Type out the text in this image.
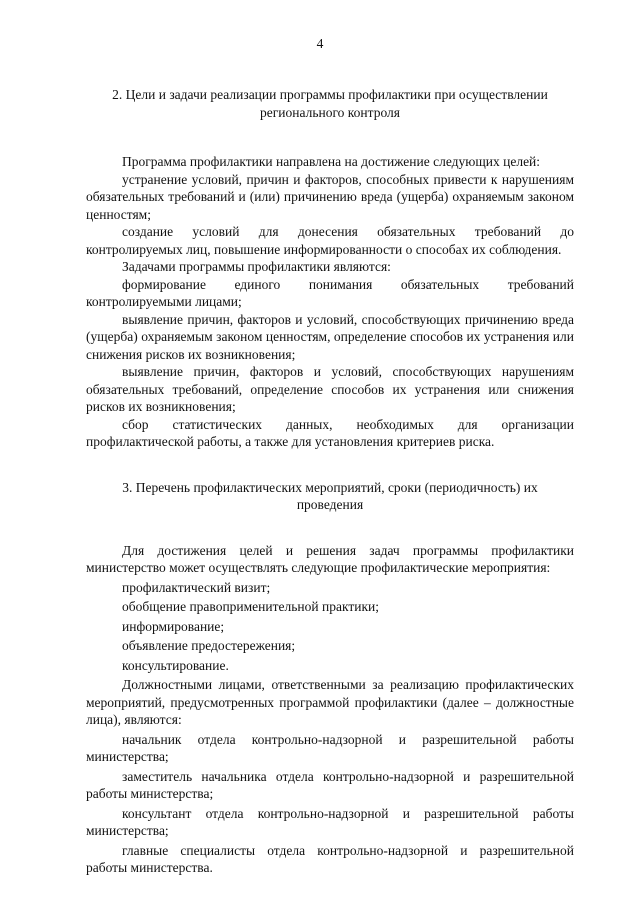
4
2. Цели и задачи реализации программы профилактики при осуществлении
регионального контроля

Программа профилактики направлена на достижение следующих целей:

устранение условий, причин и факторов, способных привести к нарушениям обязательных требований и (или) причинению вреда (ущерба) охраняемым законом ценностям;

создание условий для донесения обязательных требований до контролируемых лиц, повышение информированности о способах их соблюдения.

Задачами программы профилактики являются:

формирование единого понимания обязательных требований контролируемыми лицами;

выявление причин, факторов и условий, способствующих причинению вреда (ущерба) охраняемым законом ценностям, определение способов их устранения или снижения рисков их возникновения;

выявление причин, факторов и условий, способствующих нарушениям обязательных требований, определение способов их устранения или снижения рисков их возникновения;

сбор статистических данных, необходимых для организации профилактической работы, а также для установления критериев риска.

3. Перечень профилактических мероприятий, сроки (периодичность) их
проведения

Для достижения целей и решения задач программы профилактики министерство может осуществлять следующие профилактические мероприятия:

профилактический визит;

обобщение правоприменительной практики;

информирование;

объявление предостережения;

консультирование.

Должностными лицами, ответственными за реализацию профилактических мероприятий, предусмотренных программой профилактики (далее – должностные лица), являются:

начальник отдела контрольно-надзорной и разрешительной работы министерства;

заместитель начальника отдела контрольно-надзорной и разрешительной работы министерства;

консультант отдела контрольно-надзорной и разрешительной работы министерства;

главные специалисты отдела контрольно-надзорной и разрешительной работы министерства.
